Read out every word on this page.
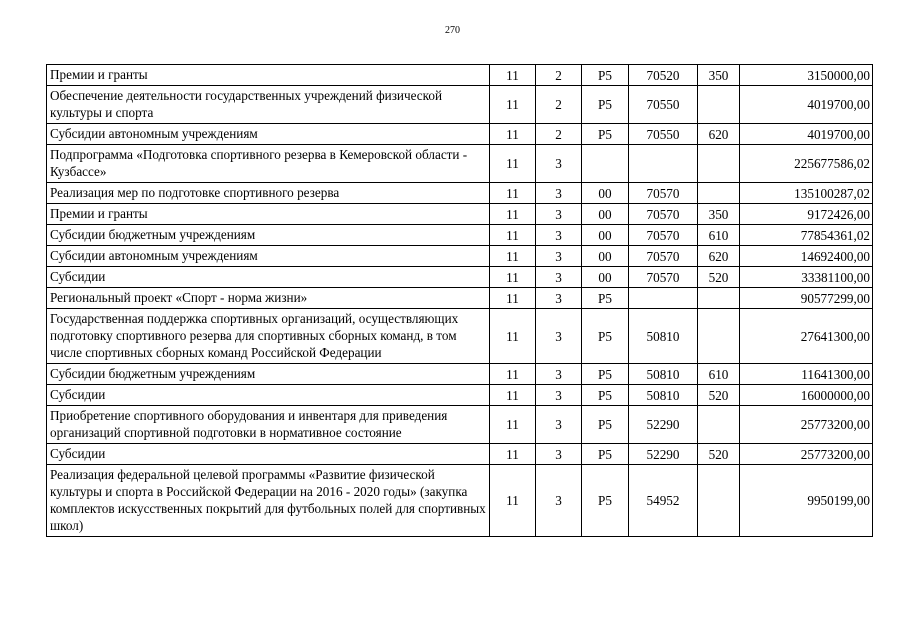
270
Премии и гранты	11	2	P5	70520	350	3150000,00
Обеспечение деятельности государственных учреждений физической культуры и спорта	11	2	P5	70550		4019700,00
Субсидии автономным учреждениям	11	2	P5	70550	620	4019700,00
Подпрограмма «Подготовка спортивного резерва в Кемеровской области - Кузбассе»	11	3				225677586,02
Реализация мер по подготовке спортивного резерва	11	3	00	70570		135100287,02
Премии и гранты	11	3	00	70570	350	9172426,00
Субсидии бюджетным учреждениям	11	3	00	70570	610	77854361,02
Субсидии автономным учреждениям	11	3	00	70570	620	14692400,00
Субсидии	11	3	00	70570	520	33381100,00
Региональный проект «Спорт - норма жизни»	11	3	P5			90577299,00
Государственная поддержка спортивных организаций, осуществляющих подготовку спортивного резерва для спортивных сборных команд, в том числе спортивных сборных команд Российской Федерации	11	3	P5	50810		27641300,00
Субсидии бюджетным учреждениям	11	3	P5	50810	610	11641300,00
Субсидии	11	3	P5	50810	520	16000000,00
Приобретение спортивного оборудования и инвентаря для приведения организаций спортивной подготовки в нормативное состояние	11	3	P5	52290		25773200,00
Субсидии	11	3	P5	52290	520	25773200,00
Реализация федеральной целевой программы «Развитие физической культуры и спорта в Российской Федерации на 2016 - 2020 годы» (закупка комплектов искусственных покрытий для футбольных полей для спортивных школ)	11	3	P5	54952		9950199,00
